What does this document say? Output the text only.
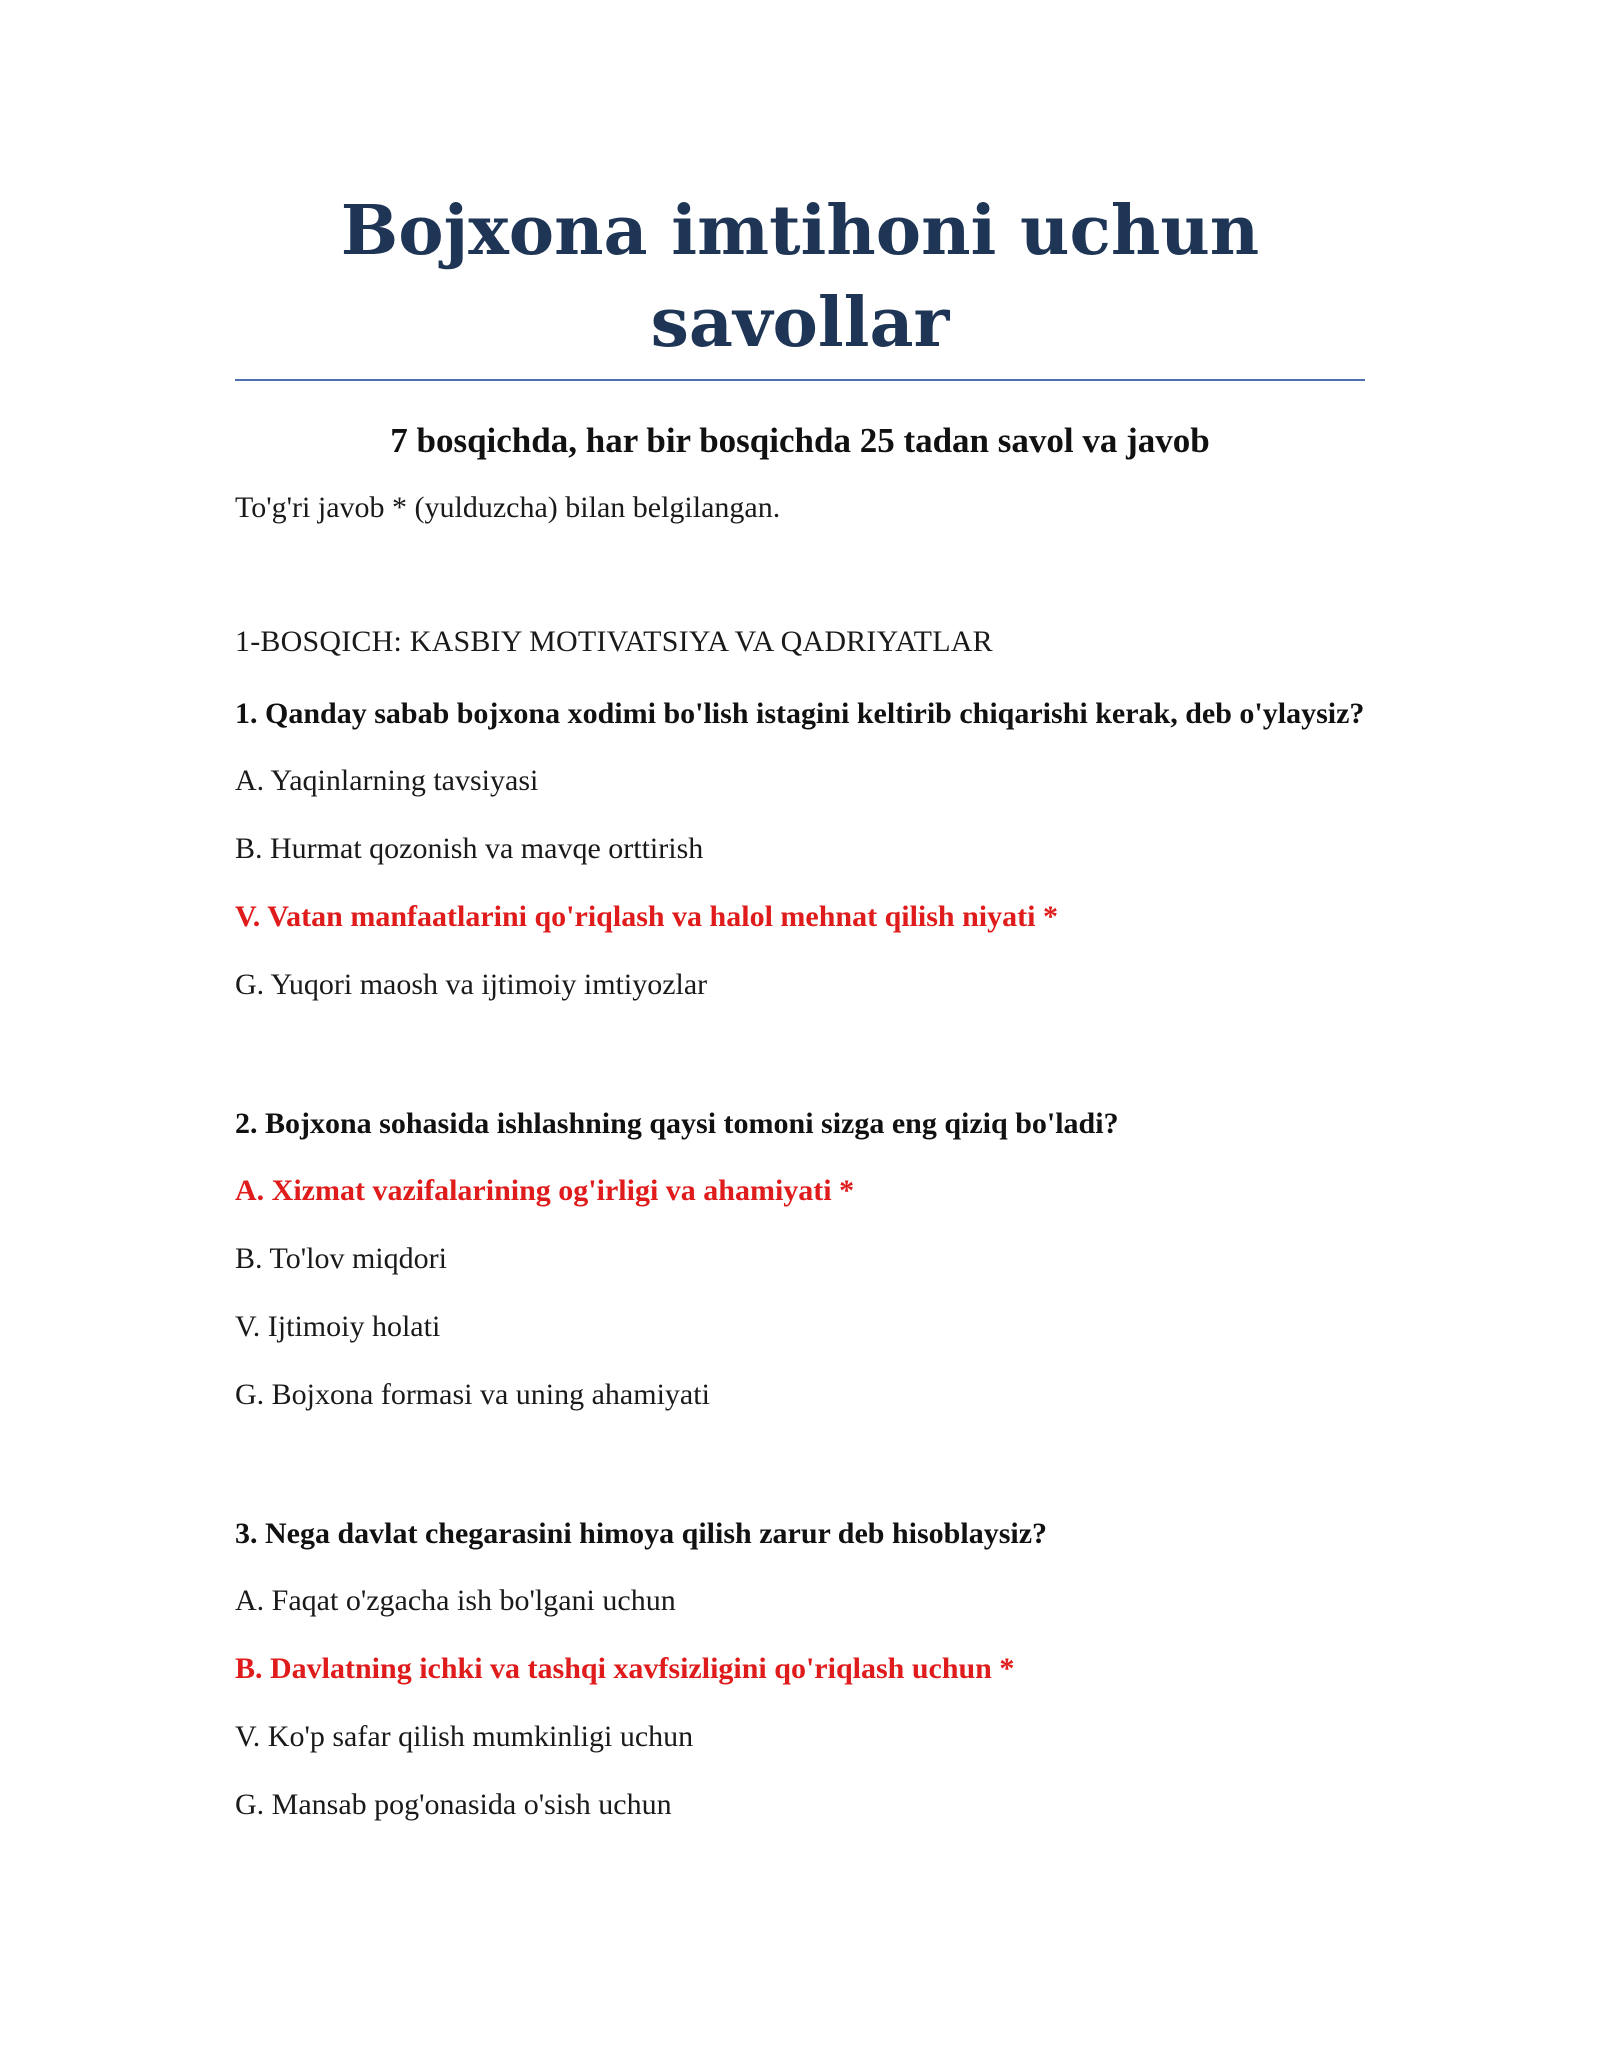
Bojxona imtihoni uchun savollar

7 bosqichda, har bir bosqichda 25 tadan savol va javob

To'g'ri javob * (yulduzcha) bilan belgilangan.

1-BOSQICH: KASBIY MOTIVATSIYA VA QADRIYATLAR

1. Qanday sabab bojxona xodimi bo'lish istagini keltirib chiqarishi kerak, deb o'ylaysiz?

A. Yaqinlarning tavsiyasi

B. Hurmat qozonish va mavqe orttirish

V. Vatan manfaatlarini qo'riqlash va halol mehnat qilish niyati *

G. Yuqori maosh va ijtimoiy imtiyozlar

2. Bojxona sohasida ishlashning qaysi tomoni sizga eng qiziq bo'ladi?

A. Xizmat vazifalarining og'irligi va ahamiyati *

B. To'lov miqdori

V. Ijtimoiy holati

G. Bojxona formasi va uning ahamiyati

3. Nega davlat chegarasini himoya qilish zarur deb hisoblaysiz?

A. Faqat o'zgacha ish bo'lgani uchun

B. Davlatning ichki va tashqi xavfsizligini qo'riqlash uchun *

V. Ko'p safar qilish mumkinligi uchun

G. Mansab pog'onasida o'sish uchun
